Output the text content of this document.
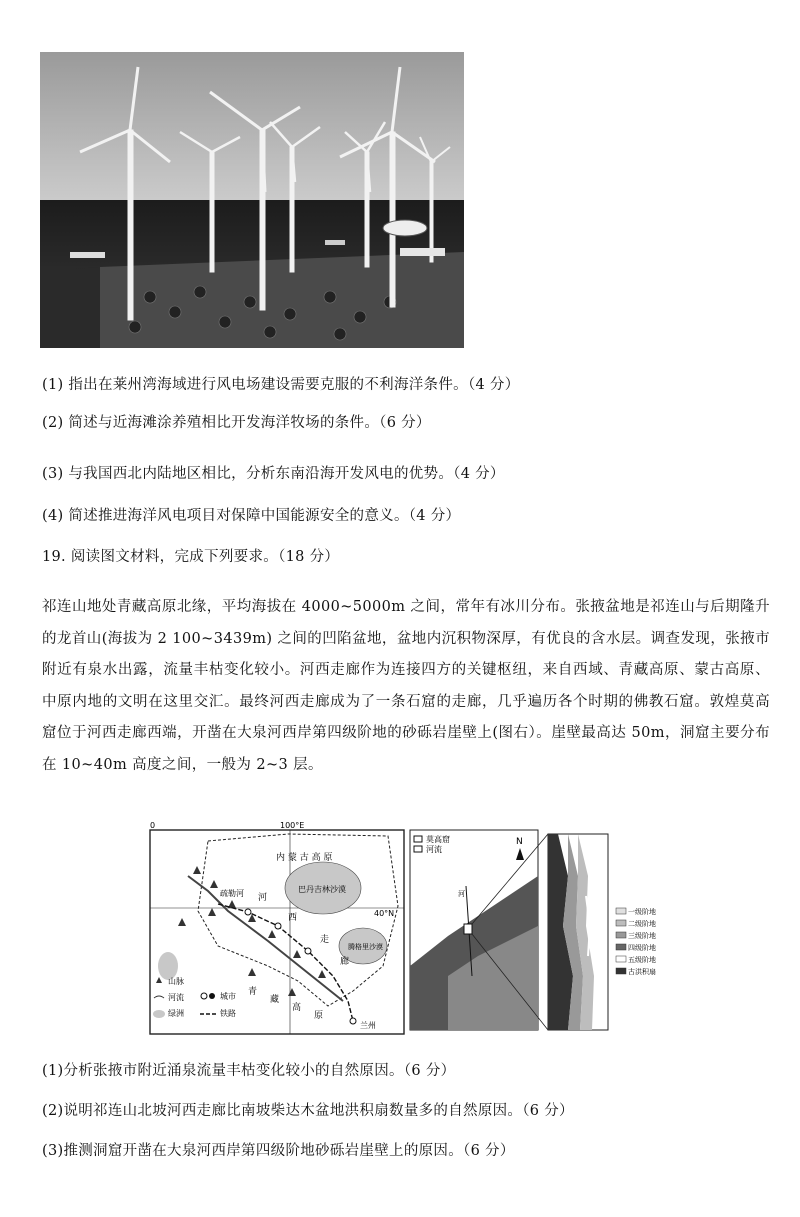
(1) 指出在莱州湾海域进行风电场建设需要克服的不利海洋条件。（4 分）
(2) 简述与近海滩涂养殖相比开发海洋牧场的条件。（6 分）
(3) 与我国西北内陆地区相比，分析东南沿海开发风电的优势。（4 分）
(4) 简述推进海洋风电项目对保障中国能源安全的意义。（4 分）
19. 阅读图文材料，完成下列要求。（18 分）
祁连山地处青藏高原北缘，平均海拔在 4000~5000m 之间，常年有冰川分布。张掖盆地是祁连山与后期隆升的龙首山(海拔为 2 100~3439m) 之间的凹陷盆地，盆地内沉积物深厚，有优良的含水层。调查发现，张掖市附近有泉水出露，流量丰枯变化较小。河西走廊作为连接四方的关键枢纽，来自西域、青藏高原、蒙古高原、中原内地的文明在这里交汇。最终河西走廊成为了一条石窟的走廊，几乎遍历各个时期的佛教石窟。敦煌莫高窟位于河西走廊西端，开凿在大泉河西岸第四级阶地的砂砾岩崖壁上(图右）。崖壁最高达 50m，洞窟主要分布在 10~40m 高度之间，一般为 2~3 层。
0	100°E
内 蒙 古 高 原
巴丹吉林沙漠
腾格里沙漠
40°N
疏勒河 河
西
走
廊
青
藏
高
原
兰州
山脉
河流
绿洲
城市
铁路
莫高窟
河流
N
河
一级阶地
二级阶地
三级阶地
四级阶地
五级阶地
古洪积扇
(1)分析张掖市附近涌泉流量丰枯变化较小的自然原因。（6 分）
(2)说明祁连山北坡河西走廊比南坡柴达木盆地洪积扇数量多的自然原因。（6 分）
(3)推测洞窟开凿在大泉河西岸第四级阶地砂砾岩崖壁上的原因。（6 分）
